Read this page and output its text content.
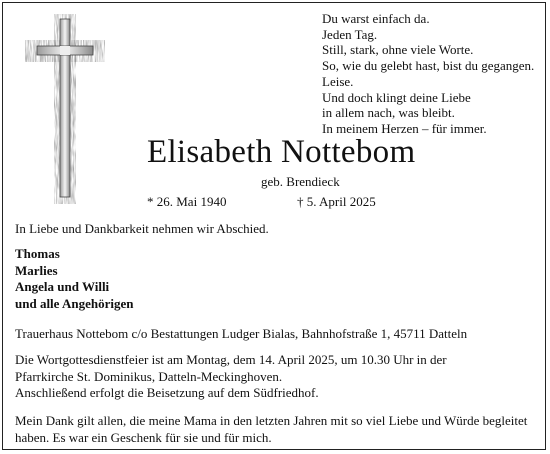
Du warst einfach da.
Jeden Tag.
Still, stark, ohne viele Worte.
So, wie du gelebt hast, bist du gegangen.
Leise.
Und doch klingt deine Liebe
in allem nach, was bleibt.
In meinem Herzen – für immer.
Elisabeth Nottebom
geb. Brendieck
* 26. Mai 1940	† 5. April 2025
In Liebe und Dankbarkeit nehmen wir Abschied.
Thomas
Marlies
Angela und Willi
und alle Angehörigen
Trauerhaus Nottebom c/o Bestattungen Ludger Bialas, Bahnhofstraße 1, 45711 Datteln
Die Wortgottesdienstfeier ist am Montag, dem 14. April 2025, um 10.30 Uhr in der
Pfarrkirche St. Dominikus, Datteln-Meckinghoven.
Anschließend erfolgt die Beisetzung auf dem Südfriedhof.
Mein Dank gilt allen, die meine Mama in den letzten Jahren mit so viel Liebe und Würde begleitet
haben. Es war ein Geschenk für sie und für mich.
